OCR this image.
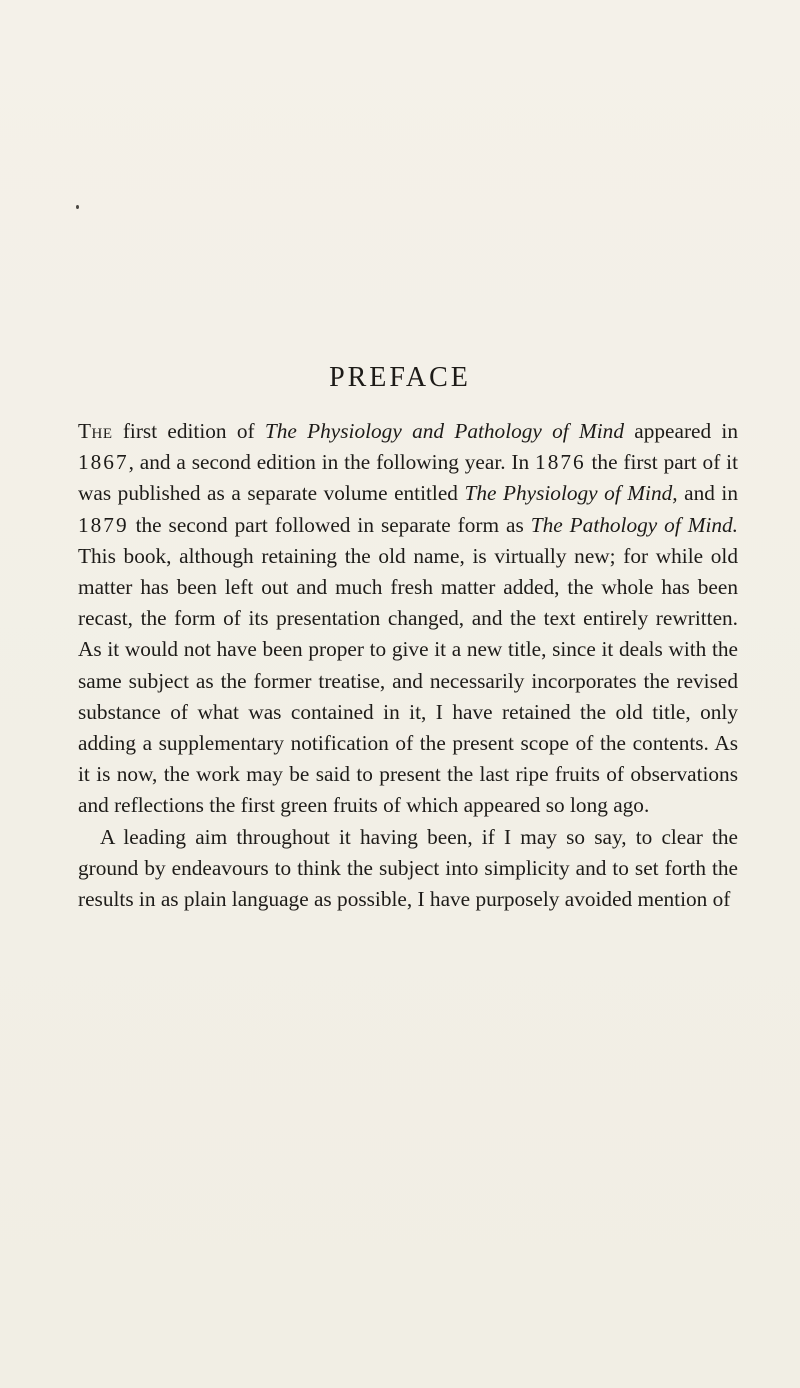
PREFACE

The first edition of The Physiology and Pathology of Mind appeared in 1867, and a second edition in the following year. In 1876 the first part of it was published as a separate volume entitled The Physiology of Mind, and in 1879 the second part followed in separate form as The Pathology of Mind. This book, although retaining the old name, is virtually new; for while old matter has been left out and much fresh matter added, the whole has been recast, the form of its presentation changed, and the text entirely rewritten. As it would not have been proper to give it a new title, since it deals with the same subject as the former treatise, and necessarily incorporates the revised substance of what was contained in it, I have retained the old title, only adding a supplementary notification of the present scope of the contents. As it is now, the work may be said to present the last ripe fruits of observations and reflections the first green fruits of which appeared so long ago.

A leading aim throughout it having been, if I may so say, to clear the ground by endeavours to think the subject into simplicity and to set forth the results in as plain language as possible, I have purposely avoided mention of
